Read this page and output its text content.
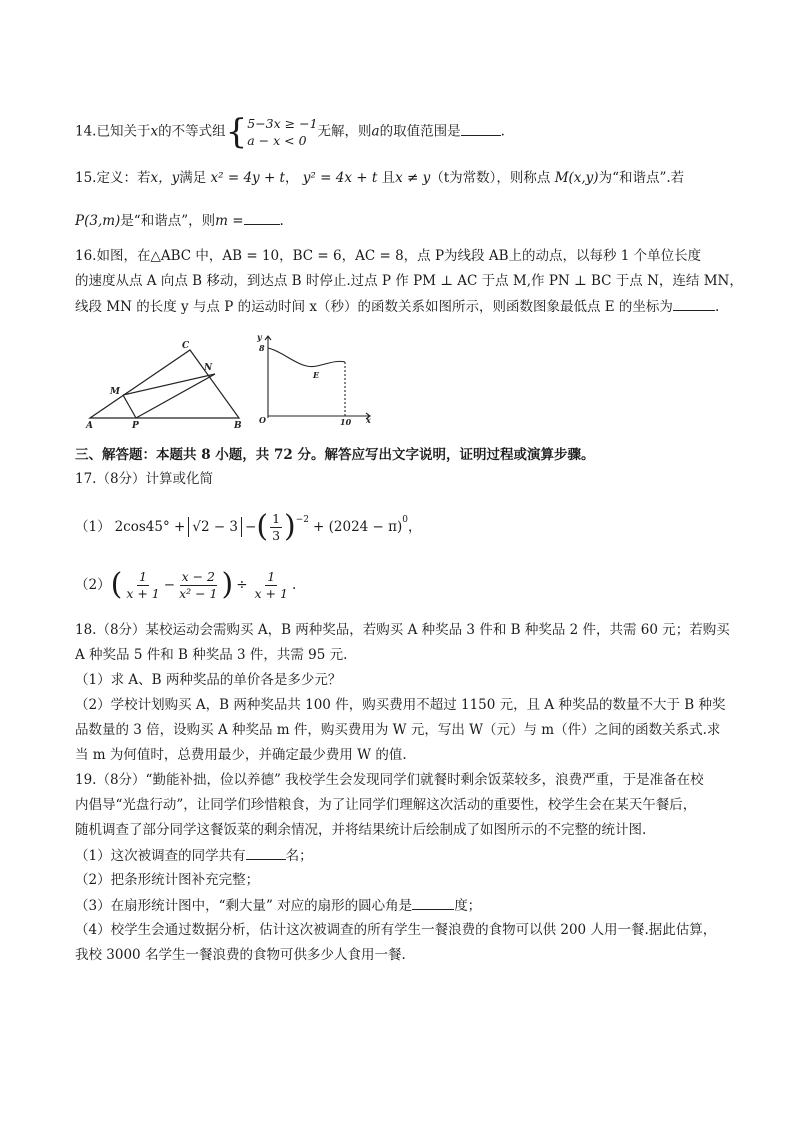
14.已知关于x的不等式组{ 5−3x ≥ −1
a − x < 0
无解，则a的取值范围是	.
15.定义：若x，y满足 x² = 4y + t， y² = 4x + t 且x ≠ y（t为常数），则称点 M(x,y)为“和谐点”.若
P(3,m)是“和谐点”，则m =	.
16.如图，在△ABC 中，AB = 10，BC = 6，AC = 8，点 P为线段 AB上的动点，以每秒 1 个单位长度
的速度从点 A 向点 B 移动，到达点 B 时停止.过点 P 作 PM ⊥ AC 于点 M,作 PN ⊥ BC 于点 N，连结 MN，
线段 MN 的长度 y 与点 P 的运动时间 x（秒）的函数关系如图所示，则函数图象最低点 E 的坐标为	.
C
N
M
A	P	B
y
8
E
O	10 x
三、解答题：本题共 8 小题，共 72 分。解答应写出文字说明，证明过程或演算步骤。
17.（8分）计算或化简
（1） 2cos45° + √2 − 3 − ( $\frac{1}{3} )^{-2} + (2024 - \pi)^0$ ，
（2） ( $\frac{1}{x + 1} - \frac{x - 2}{\text{x² − 1}}$ ) ÷ $\frac{1}{x + 1}$ .
18.（8分）某校运动会需购买 A，B 两种奖品，若购买 A 种奖品 3 件和 B 种奖品 2 件，共需 60 元；若购买
A 种奖品 5 件和 B 种奖品 3 件，共需 95 元.
（1）求 A、B 两种奖品的单价各是多少元？
（2）学校计划购买 A，B 两种奖品共 100 件，购买费用不超过 1150 元，且 A 种奖品的数量不大于 B 种奖
品数量的 3 倍，设购买 A 种奖品 m 件，购买费用为 W 元，写出 W（元）与 m（件）之间的函数关系式.求
当 m 为何值时，总费用最少，并确定最少费用 W 的值.
19.（8分）“勤能补拙，俭以养德” 我校学生会发现同学们就餐时剩余饭菜较多，浪费严重，于是准备在校
内倡导“光盘行动”，让同学们珍惜粮食，为了让同学们理解这次活动的重要性，校学生会在某天午餐后，
随机调查了部分同学这餐饭菜的剩余情况，并将结果统计后绘制成了如图所示的不完整的统计图.
（1）这次被调查的同学共有	名；
（2）把条形统计图补充完整；
（3）在扇形统计图中，“剩大量” 对应的扇形的圆心角是	度；
（4）校学生会通过数据分析，估计这次被调查的所有学生一餐浪费的食物可以供 200 人用一餐.据此估算，
我校 3000 名学生一餐浪费的食物可供多少人食用一餐.
